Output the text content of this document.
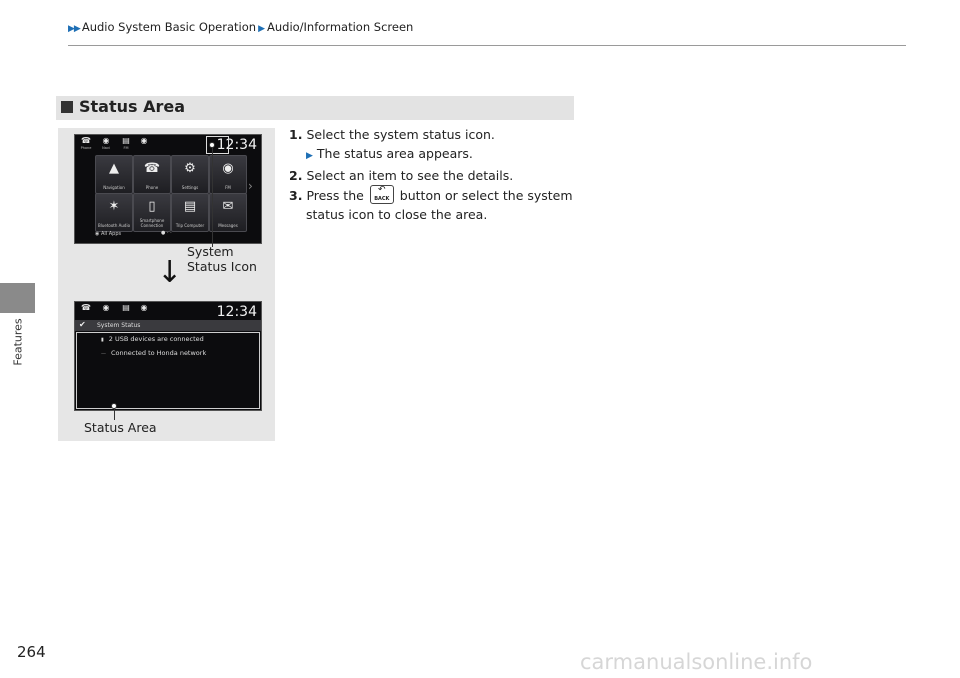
▶▶ Audio System Basic Operation ▶ Audio/Information Screen
Features
264
Status Area
☎
Phone
◉
Navi
▤
FM
◉	12:34
▲
Navigation
☎
Phone
⚙
Settings
◉
FM
✶
Bluetooth Audio
▯
Smartphone Connection
▤
Trip Computer
✉
Messages
›
◉ All Apps	● · ·
System
Status Icon
↓
☎	◉	▤	◉	12:34
✔ System Status
▮ 2 USB devices are connected
— Connected to Honda network
Status Area
1. Select the system status icon.
▶ The status area appears.
2. Select an item to see the details.
3. Press the	↶
BACK button or select the system
status icon to close the area.
carmanualsonline.info
